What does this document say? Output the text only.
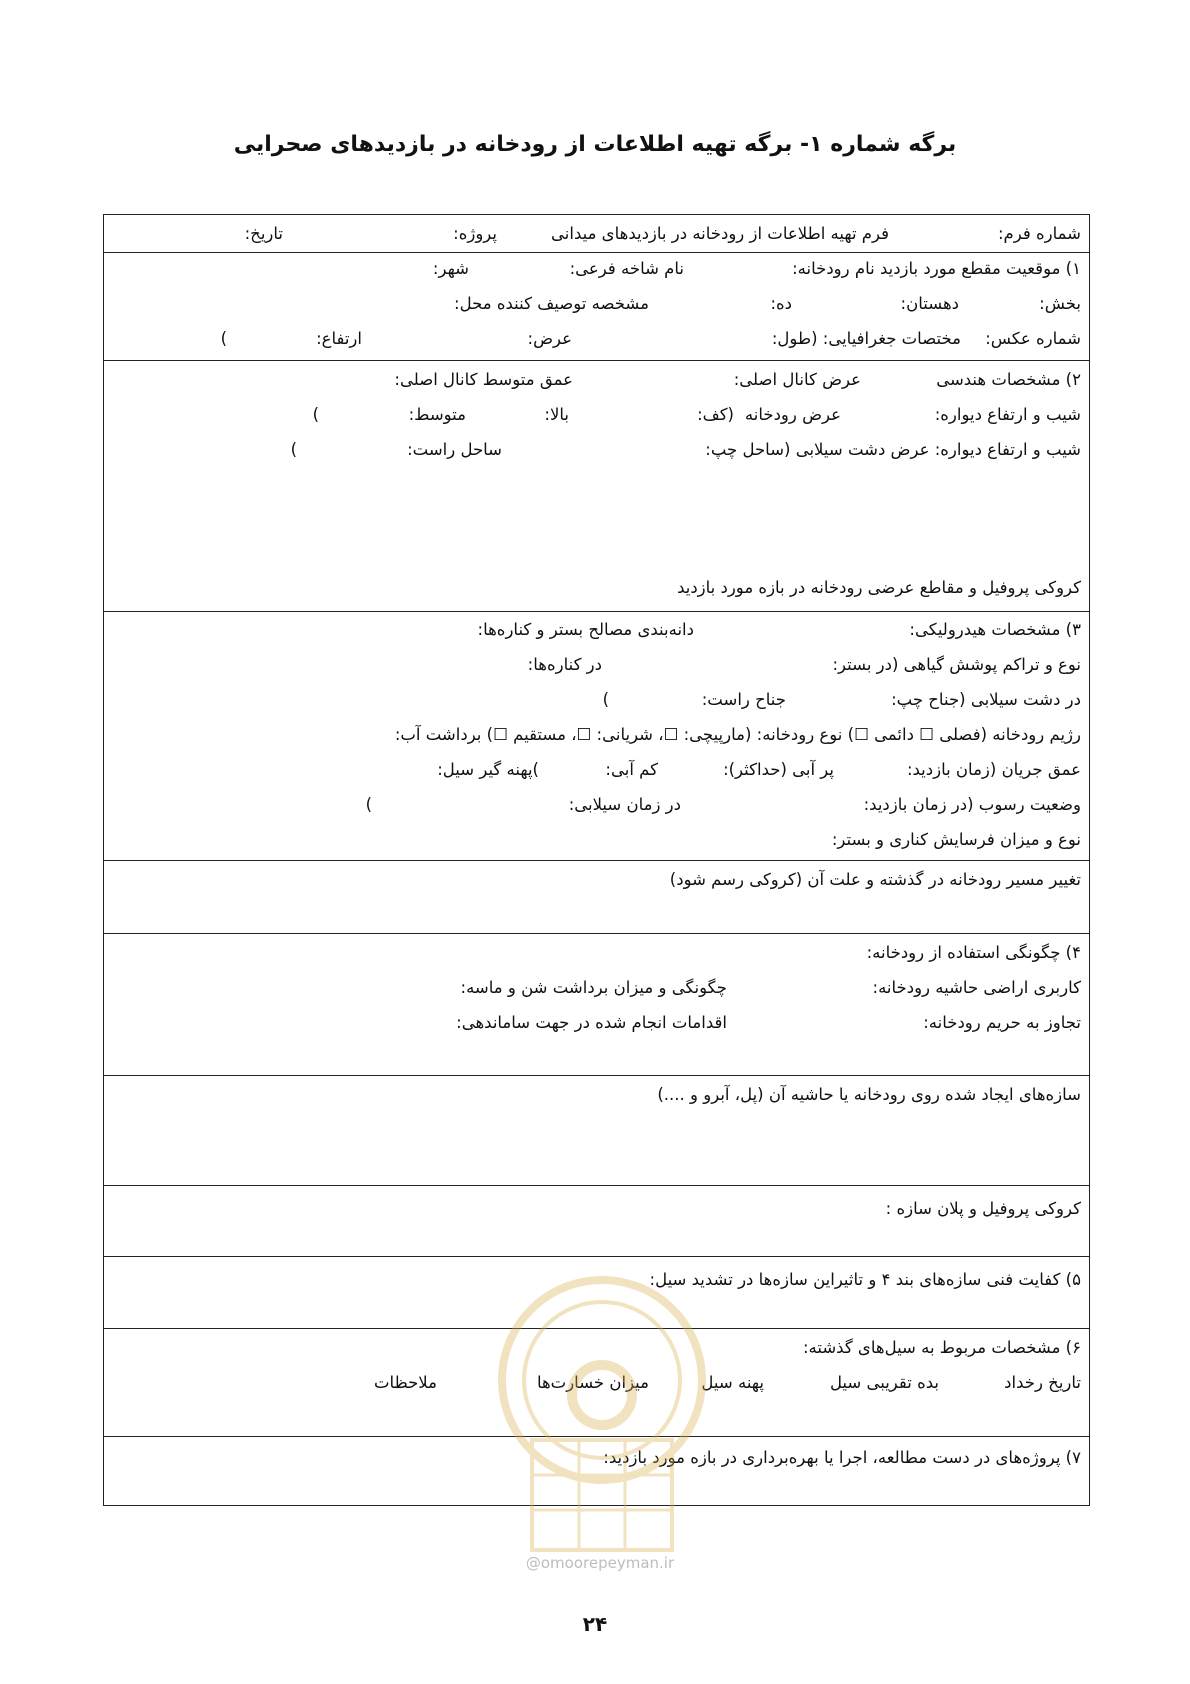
برگه شماره ۱- برگه تهیه اطلاعات از رودخانه در بازدیدهای صحرایی
شماره فرم:
فرم تهیه اطلاعات از رودخانه در بازدیدهای میدانی
پروژه:
تاریخ:
۱) موقعیت مقطع مورد بازدید نام رودخانه:
نام شاخه فرعی:
شهر:
بخش:
دهستان:
ده:
مشخصه توصیف کننده محل:
شماره عکس:
مختصات جغرافیایی: (طول:
عرض:
ارتفاع:
)
۲) مشخصات هندسی
عرض کانال اصلی:
عمق متوسط کانال اصلی:
شیب و ارتفاع دیواره:
عرض رودخانه
(کف:
بالا:
متوسط:
)
شیب و ارتفاع دیواره: عرض دشت سیلابی (ساحل چپ:
ساحل راست:
)
کروکی پروفیل و مقاطع عرضی رودخانه در بازه مورد بازدید
۳) مشخصات هیدرولیکی:
دانه‌بندی مصالح بستر و کناره‌ها:
نوع و تراکم پوشش گیاهی (در بستر:
در کناره‌ها:
در دشت سیلابی (جناح چپ:
جناح راست:
)
رژیم رودخانه (فصلی ☐ دائمی ☐) نوع رودخانه: (مارپیچی: ☐، شریانی: ☐، مستقیم ☐) برداشت آب:
عمق جریان (زمان بازدید:
پر آبی (حداکثر):
کم آبی:
)پهنه گیر سیل:
وضعیت رسوب (در زمان بازدید:
در زمان سیلابی:
)
نوع و میزان فرسایش کناری و بستر:
تغییر مسیر رودخانه در گذشته و علت آن (کروکی رسم شود)
۴) چگونگی استفاده از رودخانه:
کاربری اراضی حاشیه رودخانه:
چگونگی و میزان برداشت شن و ماسه:
تجاوز به حریم رودخانه:
اقدامات انجام شده در جهت ساماندهی:
سازه‌های ایجاد شده روی رودخانه یا حاشیه آن (پل، آبرو و ....)
کروکی پروفیل و پلان سازه :
۵) کفایت فنی سازه‌های بند ۴ و تاثیراین سازه‌ها در تشدید سیل:
۶) مشخصات مربوط به سیل‌های گذشته:
تاریخ رخداد
بده تقریبی سیل
پهنه سیل
میزان خسارت‌ها
ملاحظات
۷) پروژه‌های در دست مطالعه، اجرا یا بهره‌برداری در بازه مورد بازدید:
@omoorepeyman.ir
۲۴
